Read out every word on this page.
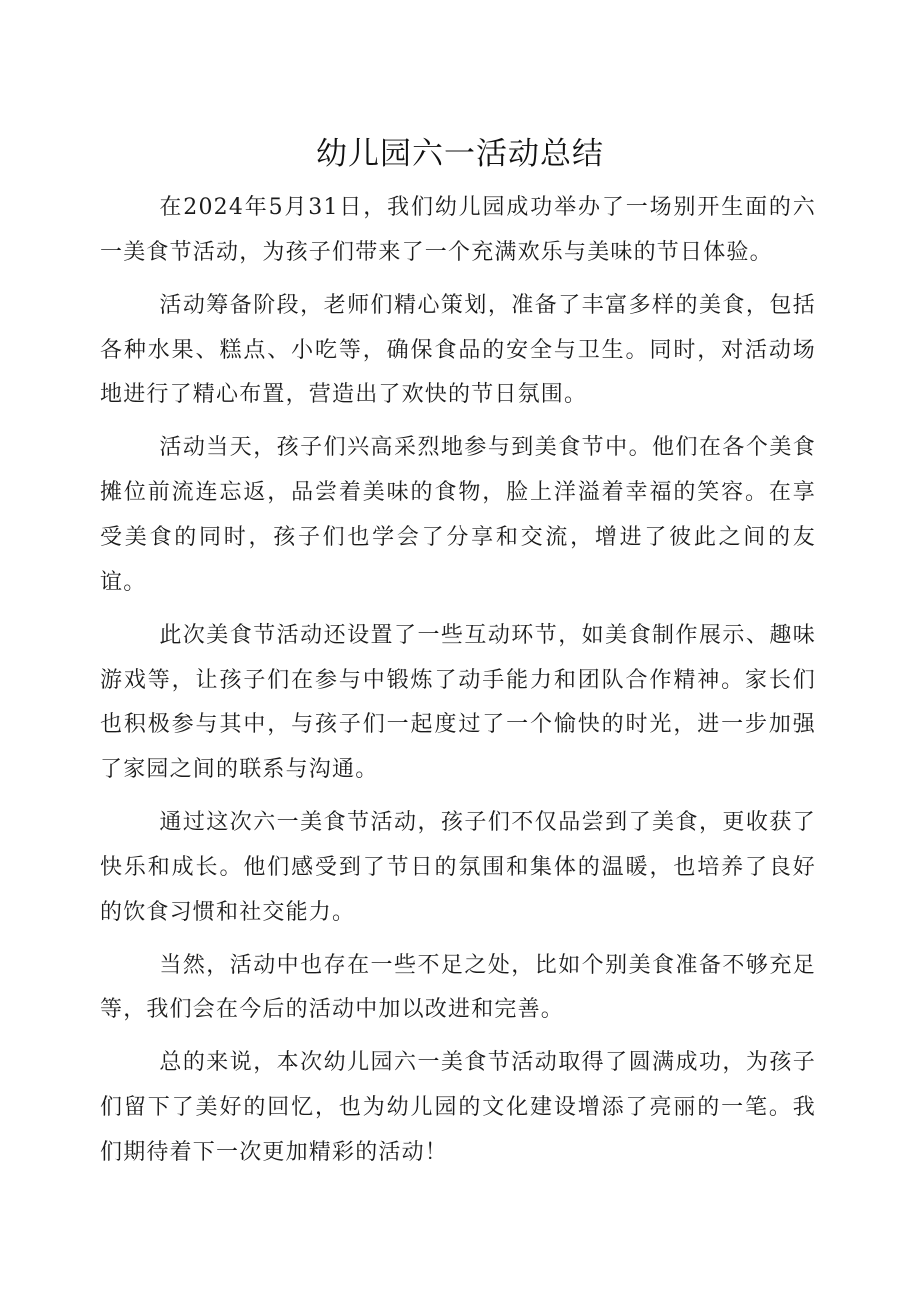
幼儿园六一活动总结

在2024年5月31日，我们幼儿园成功举办了一场别开生面的六一美食节活动，为孩子们带来了一个充满欢乐与美味的节日体验。

活动筹备阶段，老师们精心策划，准备了丰富多样的美食，包括各种水果、糕点、小吃等，确保食品的安全与卫生。同时，对活动场地进行了精心布置，营造出了欢快的节日氛围。

活动当天，孩子们兴高采烈地参与到美食节中。他们在各个美食摊位前流连忘返，品尝着美味的食物，脸上洋溢着幸福的笑容。在享受美食的同时，孩子们也学会了分享和交流，增进了彼此之间的友谊。

此次美食节活动还设置了一些互动环节，如美食制作展示、趣味游戏等，让孩子们在参与中锻炼了动手能力和团队合作精神。家长们也积极参与其中，与孩子们一起度过了一个愉快的时光，进一步加强了家园之间的联系与沟通。

通过这次六一美食节活动，孩子们不仅品尝到了美食，更收获了快乐和成长。他们感受到了节日的氛围和集体的温暖，也培养了良好的饮食习惯和社交能力。

当然，活动中也存在一些不足之处，比如个别美食准备不够充足等，我们会在今后的活动中加以改进和完善。

总的来说，本次幼儿园六一美食节活动取得了圆满成功，为孩子们留下了美好的回忆，也为幼儿园的文化建设增添了亮丽的一笔。我们期待着下一次更加精彩的活动！
